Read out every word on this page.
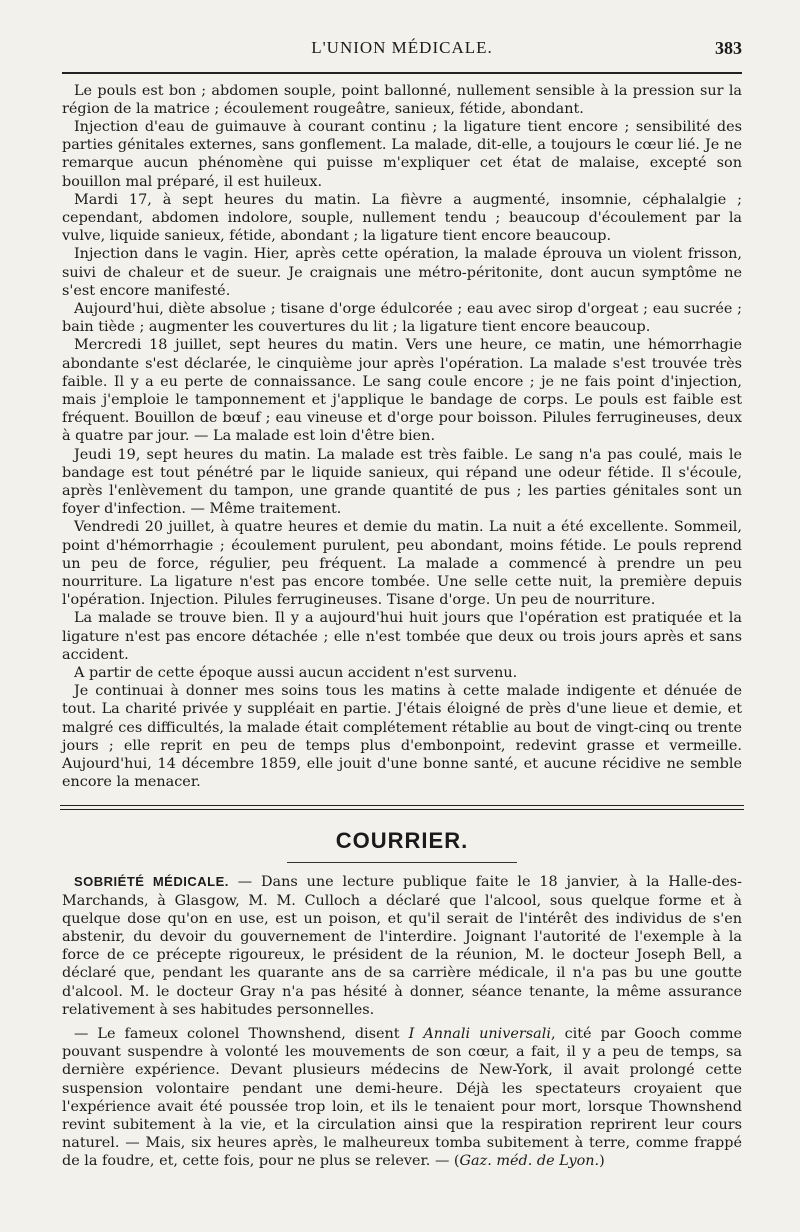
L'UNION MÉDICALE.	383

Le pouls est bon ; abdomen souple, point ballonné, nullement sensible à la pression sur la région de la matrice ; écoulement rougeâtre, sanieux, fétide, abondant.

Injection d'eau de guimauve à courant continu ; la ligature tient encore ; sensibilité des parties génitales externes, sans gonflement. La malade, dit-elle, a toujours le cœur lié. Je ne remarque aucun phénomène qui puisse m'expliquer cet état de malaise, excepté son bouillon mal préparé, il est huileux.

Mardi 17, à sept heures du matin. La fièvre a augmenté, insomnie, céphalalgie ; cependant, abdomen indolore, souple, nullement tendu ; beaucoup d'écoulement par la vulve, liquide sanieux, fétide, abondant ; la ligature tient encore beaucoup.

Injection dans le vagin. Hier, après cette opération, la malade éprouva un violent frisson, suivi de chaleur et de sueur. Je craignais une métro-péritonite, dont aucun symptôme ne s'est encore manifesté.

Aujourd'hui, diète absolue ; tisane d'orge édulcorée ; eau avec sirop d'orgeat ; eau sucrée ; bain tiède ; augmenter les couvertures du lit ; la ligature tient encore beaucoup.

Mercredi 18 juillet, sept heures du matin. Vers une heure, ce matin, une hémorrhagie abondante s'est déclarée, le cinquième jour après l'opération. La malade s'est trouvée très faible. Il y a eu perte de connaissance. Le sang coule encore ; je ne fais point d'injection, mais j'emploie le tamponnement et j'applique le bandage de corps. Le pouls est faible est fréquent. Bouillon de bœuf ; eau vineuse et d'orge pour boisson. Pilules ferrugineuses, deux à quatre par jour. — La malade est loin d'être bien.

Jeudi 19, sept heures du matin. La malade est très faible. Le sang n'a pas coulé, mais le bandage est tout pénétré par le liquide sanieux, qui répand une odeur fétide. Il s'écoule, après l'enlèvement du tampon, une grande quantité de pus ; les parties génitales sont un foyer d'infection. — Même traitement.

Vendredi 20 juillet, à quatre heures et demie du matin. La nuit a été excellente. Sommeil, point d'hémorrhagie ; écoulement purulent, peu abondant, moins fétide. Le pouls reprend un peu de force, régulier, peu fréquent. La malade a commencé à prendre un peu nourriture. La ligature n'est pas encore tombée. Une selle cette nuit, la première depuis l'opération. Injection. Pilules ferrugineuses. Tisane d'orge. Un peu de nourriture.

La malade se trouve bien. Il y a aujourd'hui huit jours que l'opération est pratiquée et la ligature n'est pas encore détachée ; elle n'est tombée que deux ou trois jours après et sans accident.

A partir de cette époque aussi aucun accident n'est survenu.

Je continuai à donner mes soins tous les matins à cette malade indigente et dénuée de tout. La charité privée y suppléait en partie. J'étais éloigné de près d'une lieue et demie, et malgré ces difficultés, la malade était complétement rétablie au bout de vingt-cinq ou trente jours ; elle reprit en peu de temps plus d'embonpoint, redevint grasse et vermeille. Aujourd'hui, 14 décembre 1859, elle jouit d'une bonne santé, et aucune récidive ne semble encore la menacer.

COURRIER.

SOBRIÉTÉ MÉDICALE. — Dans une lecture publique faite le 18 janvier, à la Halle-des-Marchands, à Glasgow, M. M. Culloch a déclaré que l'alcool, sous quelque forme et à quelque dose qu'on en use, est un poison, et qu'il serait de l'intérêt des individus de s'en abstenir, du devoir du gouvernement de l'interdire. Joignant l'autorité de l'exemple à la force de ce précepte rigoureux, le président de la réunion, M. le docteur Joseph Bell, a déclaré que, pendant les quarante ans de sa carrière médicale, il n'a pas bu une goutte d'alcool. M. le docteur Gray n'a pas hésité à donner, séance tenante, la même assurance relativement à ses habitudes personnelles.

— Le fameux colonel Thownshend, disent I Annali universali, cité par Gooch comme pouvant suspendre à volonté les mouvements de son cœur, a fait, il y a peu de temps, sa dernière expérience. Devant plusieurs médecins de New-York, il avait prolongé cette suspension volontaire pendant une demi-heure. Déjà les spectateurs croyaient que l'expérience avait été poussée trop loin, et ils le tenaient pour mort, lorsque Thownshend revint subitement à la vie, et la circulation ainsi que la respiration reprirent leur cours naturel. — Mais, six heures après, le malheureux tomba subitement à terre, comme frappé de la foudre, et, cette fois, pour ne plus se relever. — (Gaz. méd. de Lyon.)
